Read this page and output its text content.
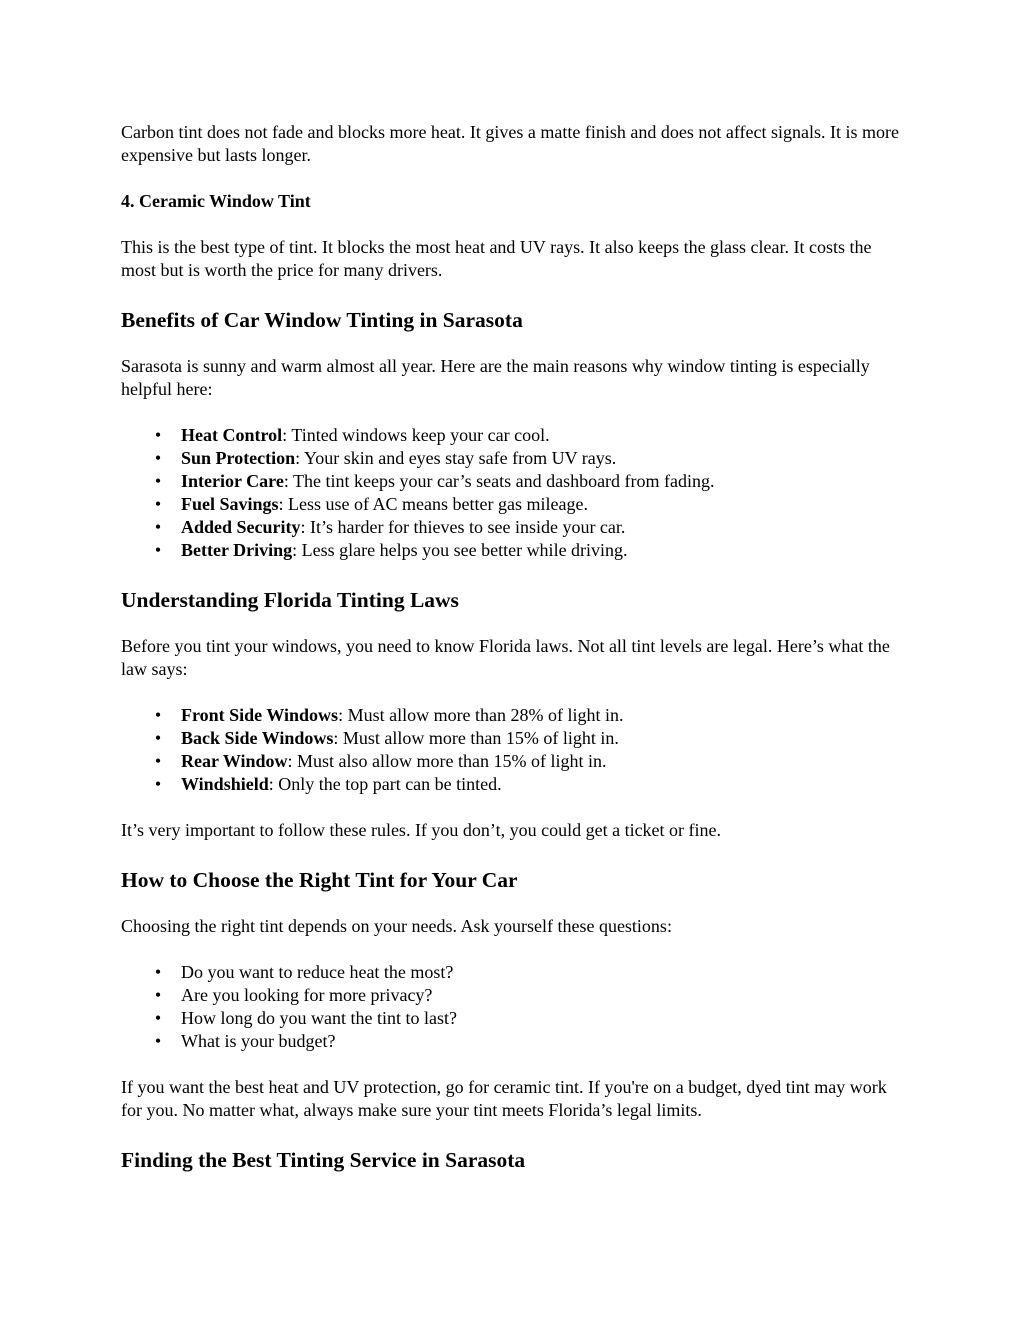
Carbon tint does not fade and blocks more heat. It gives a matte finish and does not affect signals. It is more expensive but lasts longer.

4. Ceramic Window Tint

This is the best type of tint. It blocks the most heat and UV rays. It also keeps the glass clear. It costs the most but is worth the price for many drivers.

Benefits of Car Window Tinting in Sarasota

Sarasota is sunny and warm almost all year. Here are the main reasons why window tinting is especially helpful here:

• Heat Control: Tinted windows keep your car cool.
• Sun Protection: Your skin and eyes stay safe from UV rays.
• Interior Care: The tint keeps your car’s seats and dashboard from fading.
• Fuel Savings: Less use of AC means better gas mileage.
• Added Security: It’s harder for thieves to see inside your car.
• Better Driving: Less glare helps you see better while driving.
Understanding Florida Tinting Laws

Before you tint your windows, you need to know Florida laws. Not all tint levels are legal. Here’s what the law says:

• Front Side Windows: Must allow more than 28% of light in.
• Back Side Windows: Must allow more than 15% of light in.
• Rear Window: Must also allow more than 15% of light in.
• Windshield: Only the top part can be tinted.

It’s very important to follow these rules. If you don’t, you could get a ticket or fine.

How to Choose the Right Tint for Your Car

Choosing the right tint depends on your needs. Ask yourself these questions:

• Do you want to reduce heat the most?
• Are you looking for more privacy?
• How long do you want the tint to last?
• What is your budget?

If you want the best heat and UV protection, go for ceramic tint. If you're on a budget, dyed tint may work for you. No matter what, always make sure your tint meets Florida’s legal limits.

Finding the Best Tinting Service in Sarasota
